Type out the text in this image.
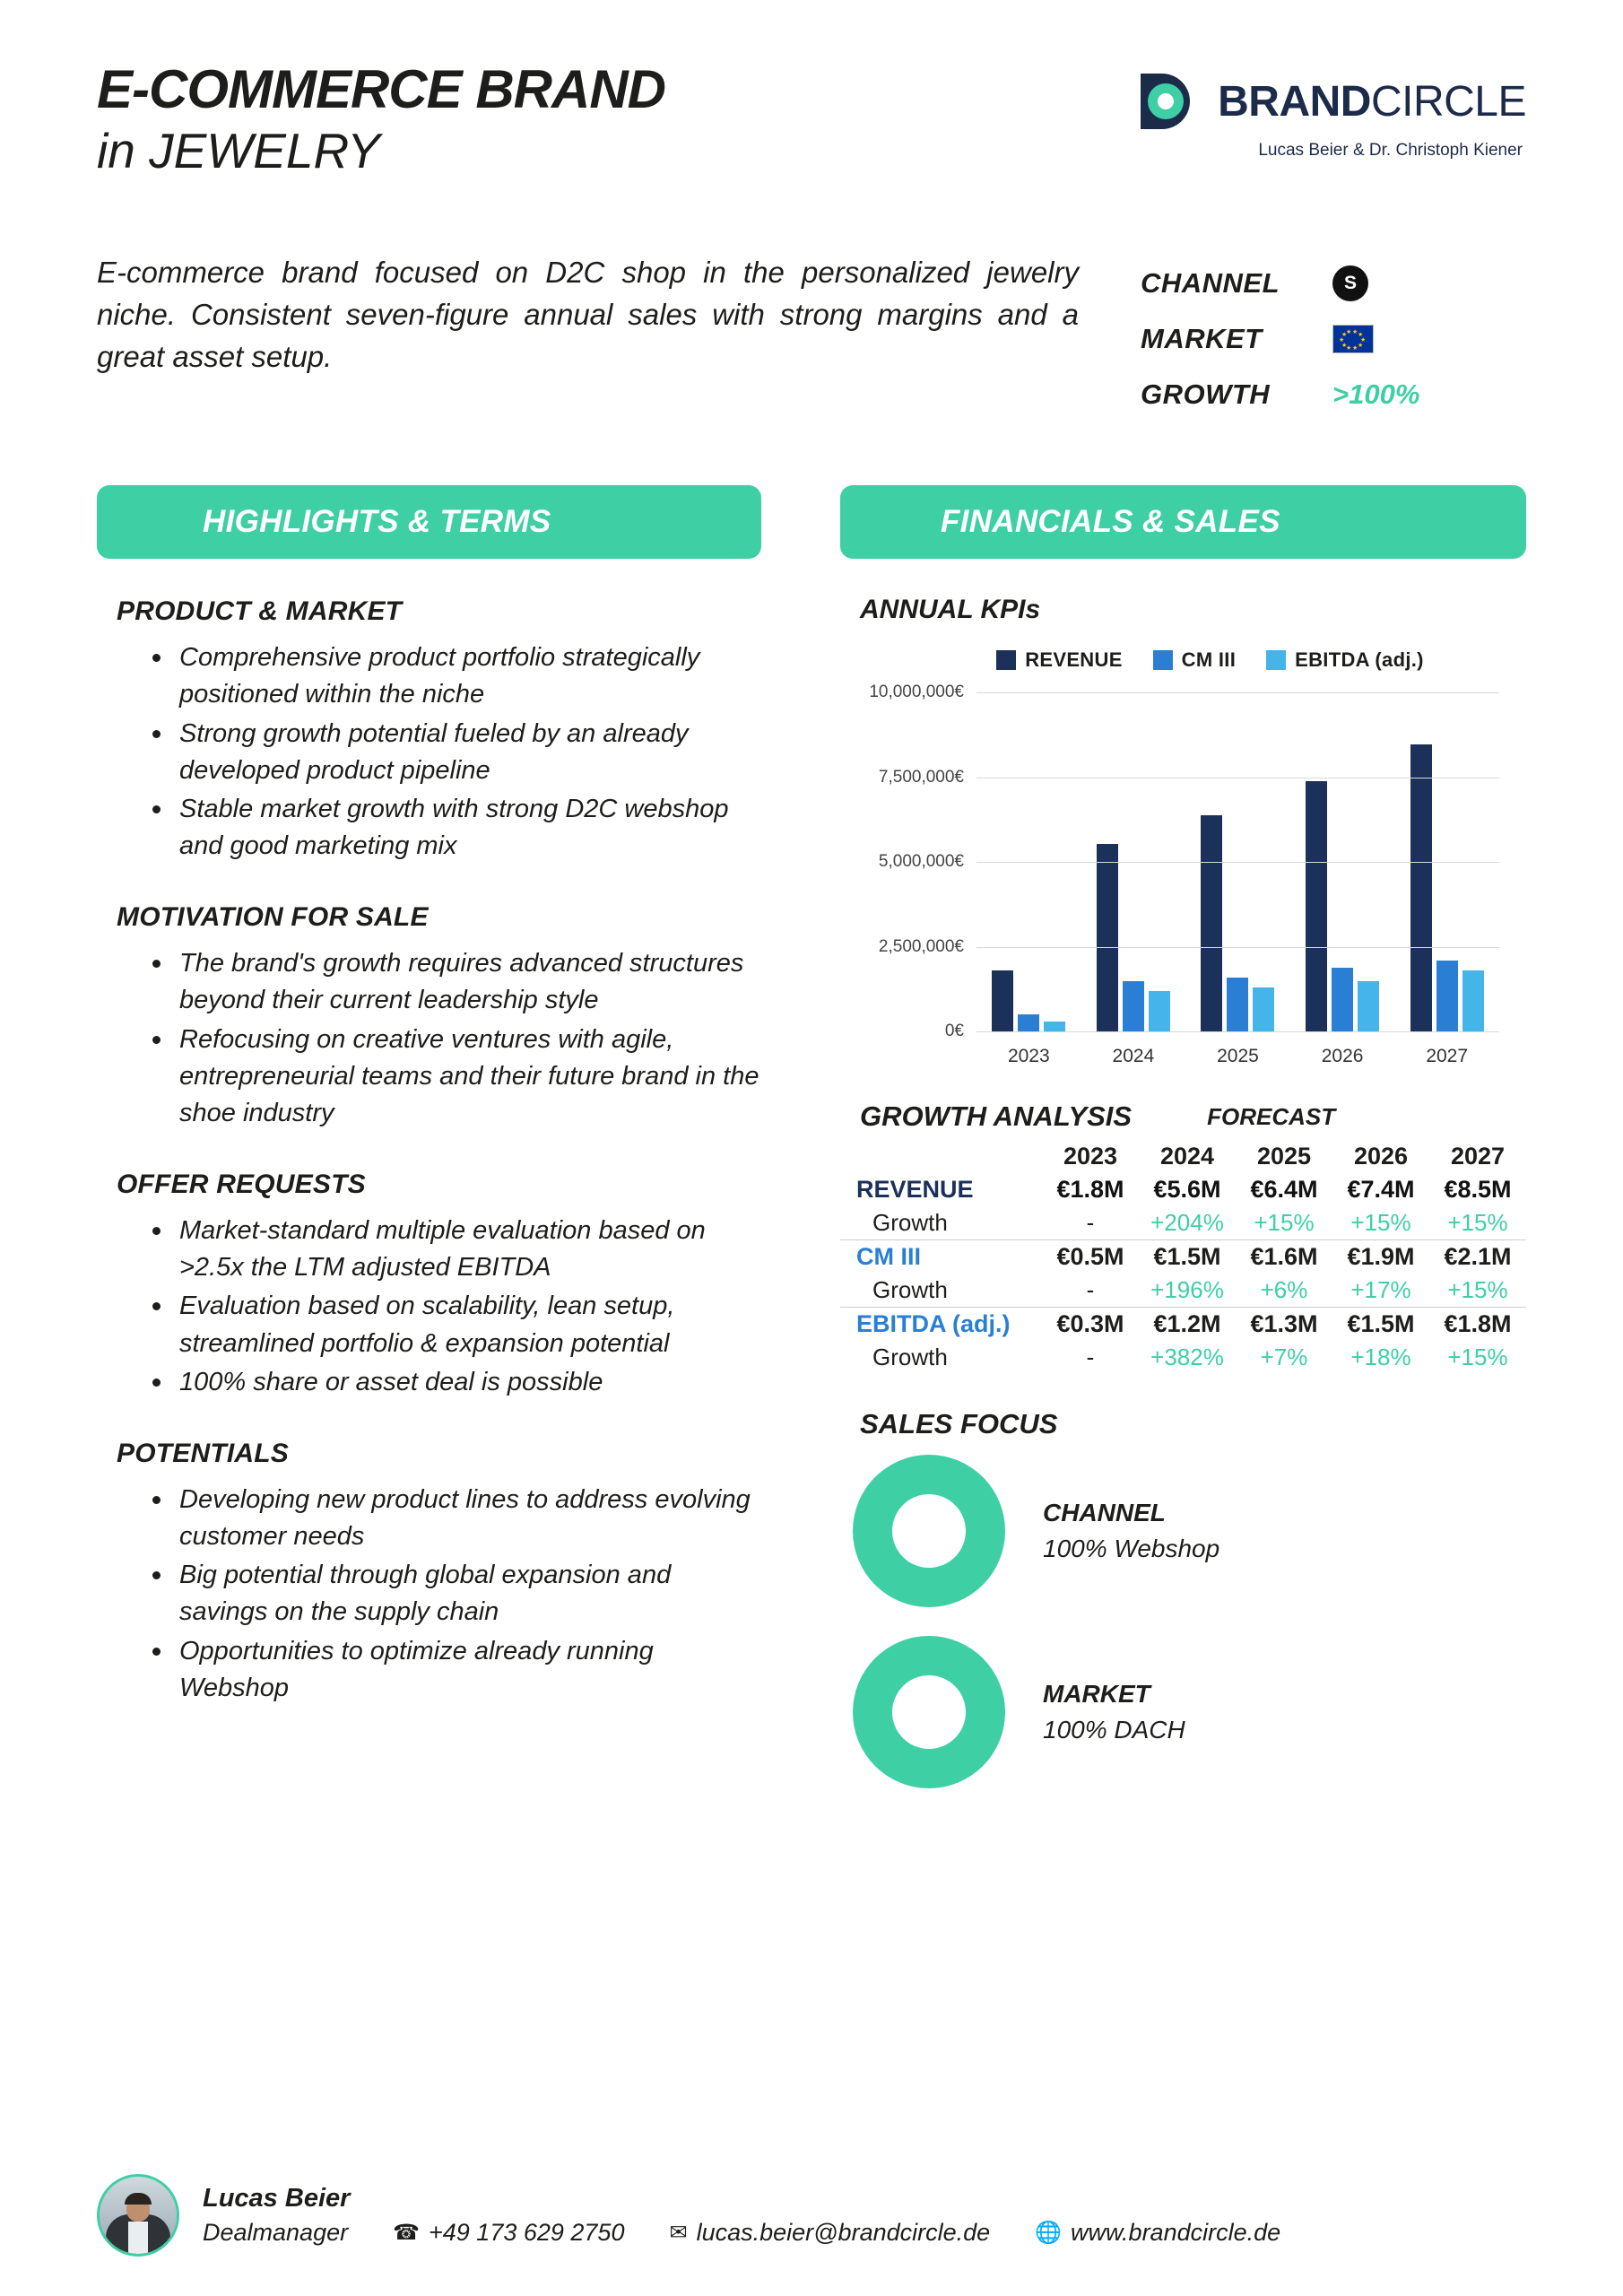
E-COMMERCE BRAND
in JEWELRY
BRANDCIRCLE
Lucas Beier & Dr. Christoph Kiener
E-commerce brand focused on D2C shop in the personalized jewelry niche. Consistent seven-figure annual sales with strong margins and a great asset setup.
CHANNEL	S
MARKET	★ ★
★
★
★
★
★
★
★
★
GROWTH	>100%
HIGHLIGHTS & TERMS
PRODUCT & MARKET
Comprehensive product portfolio strategically positioned within the niche
Strong growth potential fueled by an already developed product pipeline
Stable market growth with strong D2C webshop and good marketing mix
MOTIVATION FOR SALE
The brand's growth requires advanced structures beyond their current leadership style
Refocusing on creative ventures with agile, entrepreneurial teams and their future brand in the shoe industry
OFFER REQUESTS
Market-standard multiple evaluation based on >2.5x the LTM adjusted EBITDA
Evaluation based on scalability, lean setup, streamlined portfolio & expansion potential
100% share or asset deal is possible
POTENTIALS
Developing new product lines to address evolving customer needs
Big potential through global expansion and savings on the supply chain
Opportunities to optimize already running Webshop
FINANCIALS & SALES
ANNUAL KPIs
REVENUE	CM III	EBITDA (adj.)
2023	2024	2025	2026	2027
0€
2,500,000€
5,000,000€
7,500,000€
10,000,000€
GROWTH ANALYSIS	FORECAST
	2023	2024	2025	2026	2027
REVENUE	€1.8M	€5.6M	€6.4M	€7.4M	€8.5M
Growth	-	+204%	+15%	+15%	+15%
CM III	€0.5M	€1.5M	€1.6M	€1.9M	€2.1M
Growth	-	+196%	+6%	+17%	+15%
EBITDA (adj.)	€0.3M	€1.2M	€1.3M	€1.5M	€1.8M
Growth	-	+382%	+7%	+18%	+15%
SALES FOCUS
CHANNEL
100% Webshop
MARKET
100% DACH
Lucas Beier
Dealmanager ☎ +49 173 629 2750 ✉ lucas.beier@brandcircle.de 🌐 www.brandcircle.de
